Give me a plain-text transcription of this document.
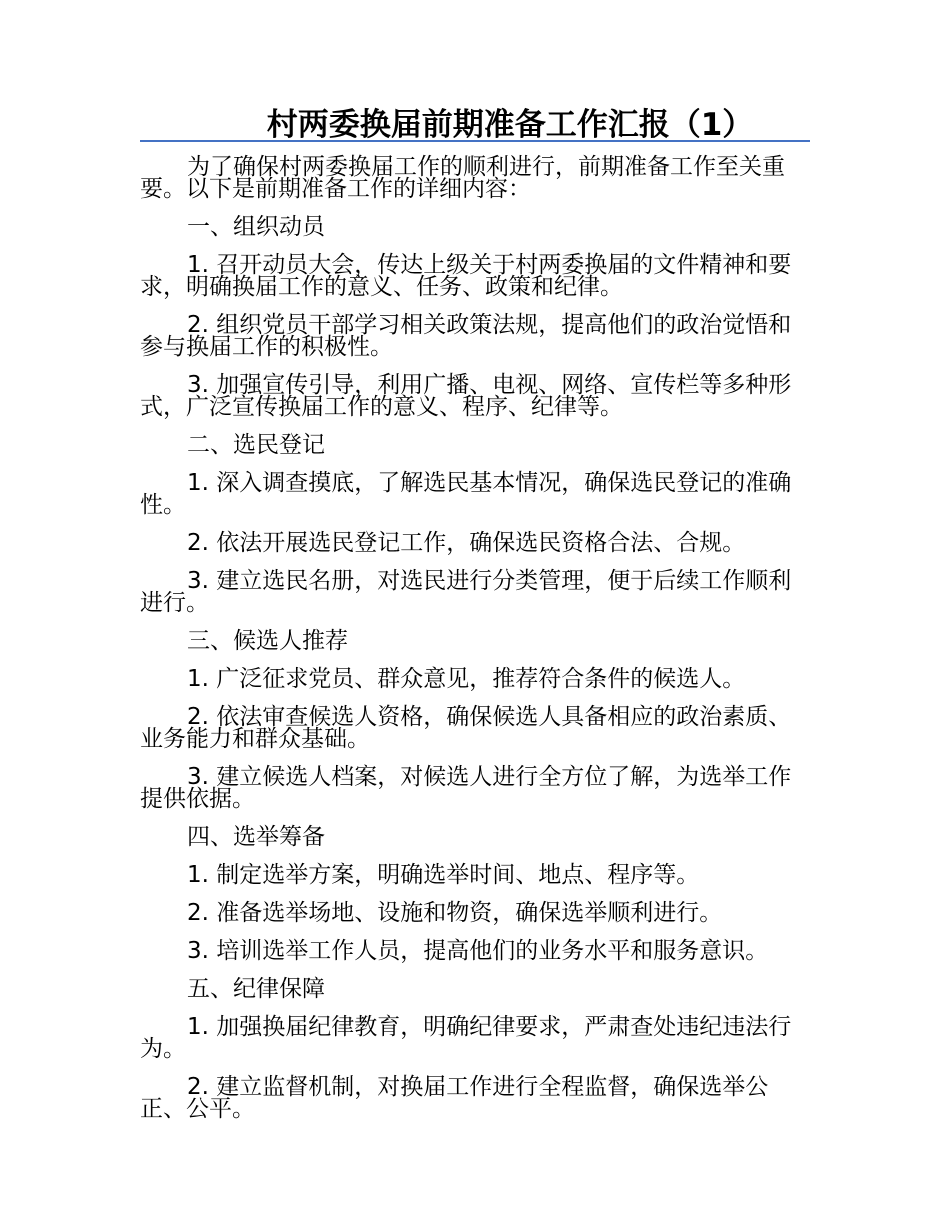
村两委换届前期准备工作汇报（1）

为了确保村两委换届工作的顺利进行，前期准备工作至关重要。以下是前期准备工作的详细内容：

一、组织动员

1. 召开动员大会，传达上级关于村两委换届的文件精神和要求，明确换届工作的意义、任务、政策和纪律。

2. 组织党员干部学习相关政策法规，提高他们的政治觉悟和参与换届工作的积极性。

3. 加强宣传引导，利用广播、电视、网络、宣传栏等多种形式，广泛宣传换届工作的意义、程序、纪律等。

二、选民登记

1. 深入调查摸底，了解选民基本情况，确保选民登记的准确性。

2. 依法开展选民登记工作，确保选民资格合法、合规。

3. 建立选民名册，对选民进行分类管理，便于后续工作顺利进行。

三、候选人推荐

1. 广泛征求党员、群众意见，推荐符合条件的候选人。

2. 依法审查候选人资格，确保候选人具备相应的政治素质、业务能力和群众基础。

3. 建立候选人档案，对候选人进行全方位了解，为选举工作提供依据。

四、选举筹备

1. 制定选举方案，明确选举时间、地点、程序等。

2. 准备选举场地、设施和物资，确保选举顺利进行。

3. 培训选举工作人员，提高他们的业务水平和服务意识。

五、纪律保障

1. 加强换届纪律教育，明确纪律要求，严肃查处违纪违法行为。

2. 建立监督机制，对换届工作进行全程监督，确保选举公正、公平。
